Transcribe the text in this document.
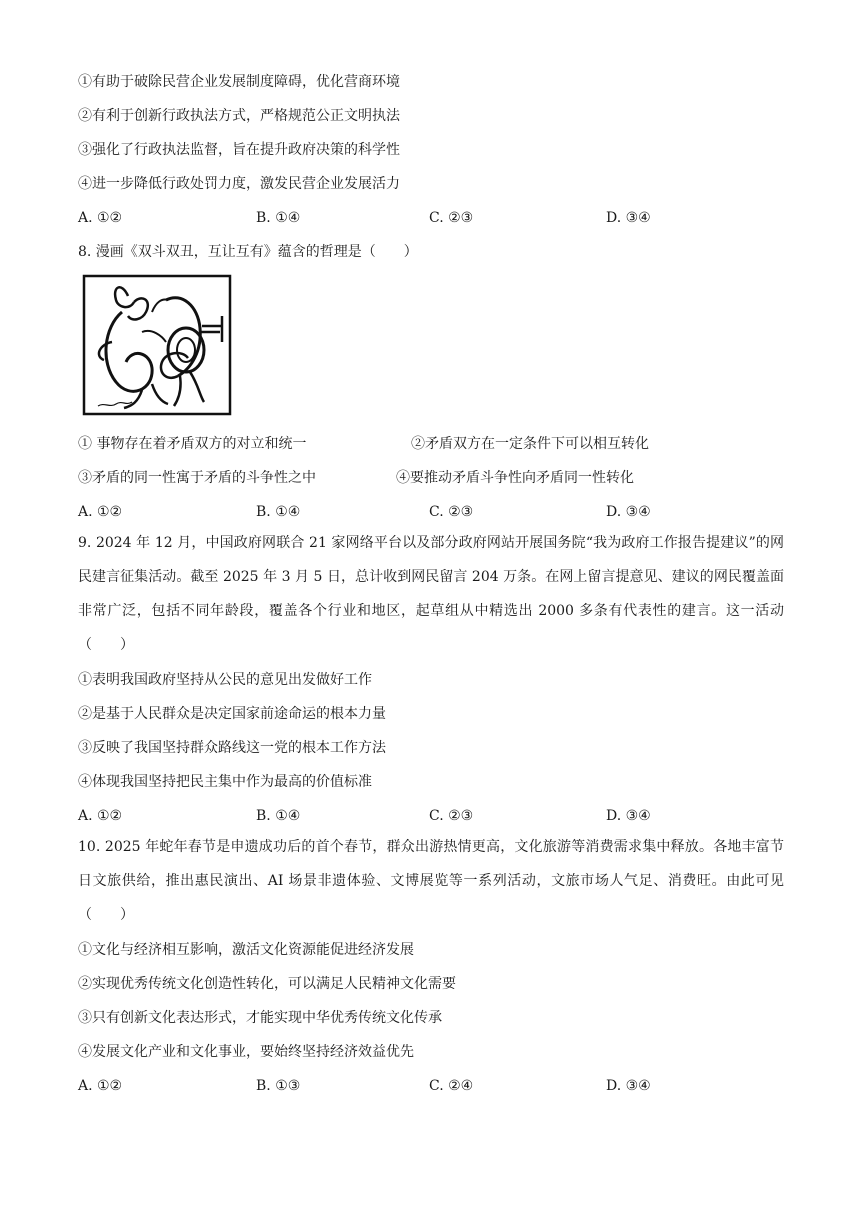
①有助于破除民营企业发展制度障碍，优化营商环境
②有利于创新行政执法方式，严格规范公正文明执法
③强化了行政执法监督，旨在提升政府决策的科学性
④进一步降低行政处罚力度，激发民营企业发展活力
A. ①②	B. ①④	C. ②③	D. ③④
8. 漫画《双斗双丑，互让互有》蕴含的哲理是（　　）
① 事物存在着矛盾双方的对立和统一	②矛盾双方在一定条件下可以相互转化
③矛盾的同一性寓于矛盾的斗争性之中	④要推动矛盾斗争性向矛盾同一性转化
A. ①②	B. ①④	C. ②③	D. ③④
9. 2024 年 12 月，中国政府网联合 21 家网络平台以及部分政府网站开展国务院“我为政府工作报告提建议”的网民建言征集活动。截至 2025 年 3 月 5 日，总计收到网民留言 204 万条。在网上留言提意见、建议的网民覆盖面非常广泛，包括不同年龄段，覆盖各个行业和地区，起草组从中精选出 2000 多条有代表性的建言。这一活动（　　）
①表明我国政府坚持从公民的意见出发做好工作
②是基于人民群众是决定国家前途命运的根本力量
③反映了我国坚持群众路线这一党的根本工作方法
④体现我国坚持把民主集中作为最高的价值标准
A. ①②	B. ①④	C. ②③	D. ③④
10. 2025 年蛇年春节是申遗成功后的首个春节，群众出游热情更高，文化旅游等消费需求集中释放。各地丰富节日文旅供给，推出惠民演出、AI 场景非遗体验、文博展览等一系列活动，文旅市场人气足、消费旺。由此可见（　　）
①文化与经济相互影响，激活文化资源能促进经济发展
②实现优秀传统文化创造性转化，可以满足人民精神文化需要
③只有创新文化表达形式，才能实现中华优秀传统文化传承
④发展文化产业和文化事业，要始终坚持经济效益优先
A. ①②	B. ①③	C. ②④	D. ③④
